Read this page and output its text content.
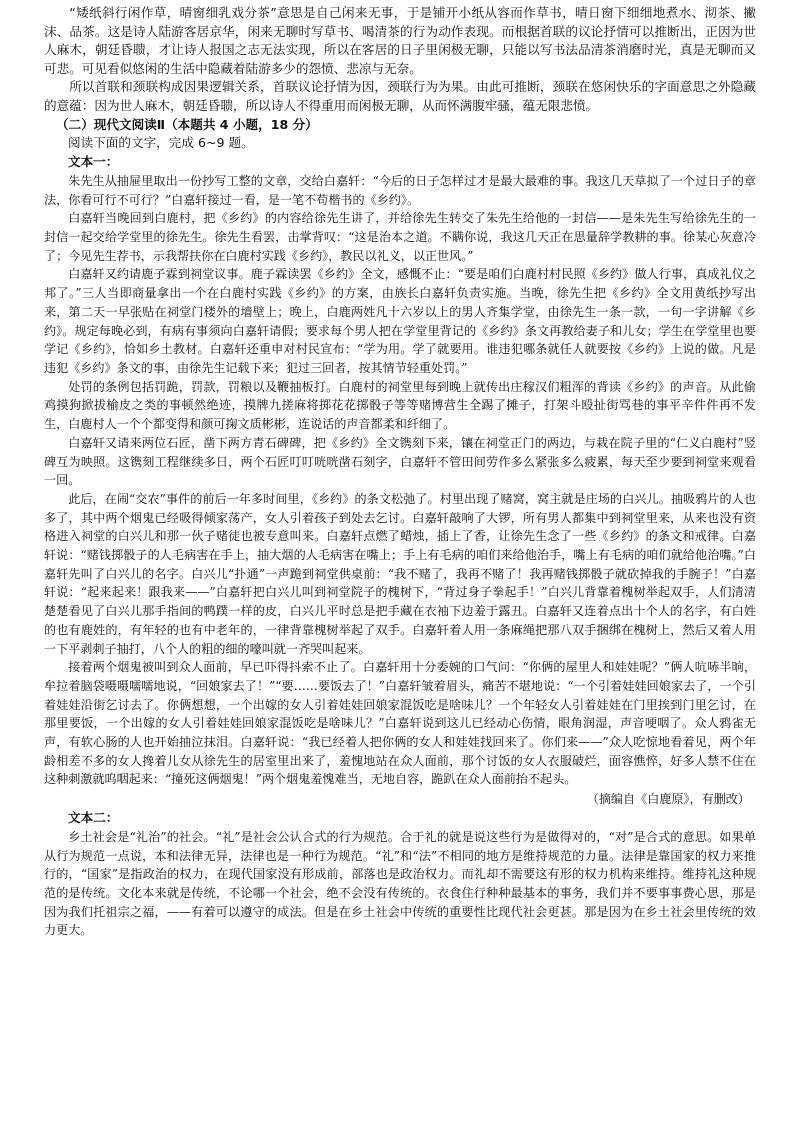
“矮纸斜行闲作草，晴窗细乳戏分茶”意思是自己闲来无事，于是铺开小纸从容而作草书，晴日窗下细细地煮水、沏茶、撇沫、品茶。这是诗人陆游客居京华，闲来无聊时写草书、喝清茶的行为动作表现。而根据首联的议论抒情可以推断出，正因为世人麻木，朝廷昏聩，才让诗人报国之志无法实现，所以在客居的日子里闲极无聊，只能以写书法品清茶消磨时光，真是无聊而又可悲。可见看似悠闲的生活中隐藏着陆游多少的怨愤、悲凉与无奈。

所以首联和颈联构成因果逻辑关系，首联议论抒情为因，颈联行为为果。由此可推断，颈联在悠闲快乐的字面意思之外隐藏的意蕴：因为世人麻木，朝廷昏聩，所以诗人不得重用而闲极无聊，从而怀满腹牢骚，蕴无限悲愤。

（二）现代文阅读Ⅱ（本题共 4 小题，18 分）
阅读下面的文字，完成 6~9 题。
文本一：

朱先生从抽屉里取出一份抄写工整的文章，交给白嘉轩：“今后的日子怎样过才是最大最难的事。我这几天草拟了一个过日子的章法，你看可行不可行？”白嘉轩接过一看，是一笔不苟楷书的《乡约》。

白嘉轩当晚回到白鹿村，把《乡约》的内容给徐先生讲了，并给徐先生转交了朱先生给他的一封信——是朱先生写给徐先生的一封信一起交给学堂里的徐先生。徐先生看罢，击掌背叹：“这是治本之道。不瞒你说，我这几天正在思量辞学教耕的事。徐某心灰意冷了；今见先生荐书，示我帮扶你在白鹿村实践《乡约》，教民以礼义，以正世风。”

白嘉轩又约请鹿子霖到祠堂议事。鹿子霖读罢《乡约》全文，感慨不止：“要是咱们白鹿村村民照《乡约》做人行事，真成礼仪之邦了。”三人当即商量拿出一个在白鹿村实践《乡约》的方案，由族长白嘉轩负责实施。当晚，徐先生把《乡约》全文用黄纸抄写出来，第二天一早张贴在祠堂门楼外的墙壁上；晚上，白鹿两姓凡十六岁以上的男人齐集学堂，由徐先生一条一款，一句一字讲解《乡约》。规定每晚必到，有病有事须向白嘉轩请假；要求每个男人把在学堂里背记的《乡约》条文再教给妻子和儿女；学生在学堂里也要学记《乡约》，恰如乡土教材。白嘉轩还重申对村民宣布：“学为用。学了就要用。谁违犯哪条就任人就要按《乡约》上说的做。凡是违犯《乡约》条文的事，由徐先生记载下来；犯过三回者，按其情节轻重处罚。”

处罚的条例包括罚跪，罚款，罚粮以及鞭抽板打。白鹿村的祠堂里每到晚上就传出庄稼汉们粗浑的背读《乡约》的声音。从此偷鸡摸狗掀拔榆皮之类的事顿然绝迹，摸牌九搓麻将掷花花掷骰子等等赌博营生全踢了摊子，打架斗殴扯街骂巷的事平辛件件再不发生，白鹿村人一个个都变得和颜可掬文质彬彬，连说话的声音都柔和纤细了。

白嘉轩又请来两位石匠，凿下两方青石碑碑，把《乡约》全文镌刻下来，镶在祠堂正门的两边，与栽在院子里的“仁义白鹿村”竖碑互为映照。这镌刻工程继续多日，两个石匠叮叮咣咣凿石刻字，白嘉轩不管田间劳作多么紧张多么疲累，每天至少要到祠堂来观看一回。

此后，在闹“交农”事件的前后一年多时间里，《乡约》的条文松弛了。村里出现了赌窝，窝主就是庄场的白兴儿。抽吸鸦片的人也多了，其中两个烟鬼已经吸得倾家荡产，女人引着孩子到处去乞讨。白嘉轩敲响了大锣，所有男人都集中到祠堂里来，从来也没有资格进入祠堂的白兴儿和那一伙子赌徒也被专意叫来。白嘉轩点燃了蜡烛，插上了香，让徐先生念了一些《乡约》的条文和戒律。白嘉轩说：“赌钱掷骰子的人毛病害在手上，抽大烟的人毛病害在嘴上；手上有毛病的咱们来给他治手，嘴上有毛病的咱们就给他治嘴。”白嘉轩先叫了白兴儿的名字。白兴儿“扑通”一声跪到祠堂供桌前：“我不赌了，我再不赌了！我再赌钱掷骰子就砍掉我的手腕子！”白嘉轩说：“起来起来！跟我来——”白嘉轩把白兴儿叫到祠堂院子的槐树下，“背过身子拳起手！”白兴儿背靠着槐树举起双手，人们清清楚楚看见了白兴儿那手指间的鸭蹼一样的皮，白兴儿平时总是把手藏在衣袖下边羞于露丑。白嘉轩又连着点出十个人的名字，有白姓的也有鹿姓的，有年轻的也有中老年的，一律背靠槐树举起了双手。白嘉轩着人用一条麻绳把那八双手捆绑在槐树上，然后又着人用一下平剥刺子抽打，八个人的粗的细的嚎叫就一齐哭叫起来。

接着两个烟鬼被叫到众人面前，早已吓得抖索不止了。白嘉轩用十分委婉的口气问：“你俩的屋里人和娃娃呢？”俩人吭哧半晌，牟拉着脑袋嗫嗫嚅嚅地说，“回娘家去了！”“要……要饭去了！”白嘉轩皱着眉头，痛苦不堪地说：“一个引着娃娃回娘家去了，一个引着娃娃沿街乞讨去了。你俩想想，一个出嫁的女人引着娃娃回娘家混饭吃是啥味儿？一个年轻女人引着娃娃在门里挨到门里乞讨，在那里要饭，一个出嫁的女人引着娃娃回娘家混饭吃是啥味儿？”白嘉轩说到这儿已经动心伤情，眼角润湿，声音哽咽了。众人鸦雀无声，有软心肠的人也开始抽泣抹泪。白嘉轩说：“我已经着人把你俩的女人和娃娃找回来了。你们来——”众人吃惊地看着见，两个年龄相差不多的女人搀着儿女从徐先生的居室里出来了，羞愧地站在众人面前，那个讨饭的女人衣服破烂，面容憔悴，好多人禁不住在这种刺激就呜咽起来：“撞死这俩烟鬼！”两个烟鬼羞愧难当，无地自容，跪趴在众人面前抬不起头。

（摘编自《白鹿原》，有删改）
文本二：

乡土社会是“礼治”的社会。“礼”是社会公认合式的行为规范。合于礼的就是说这些行为是做得对的，“对”是合式的意思。如果单从行为规范一点说，本和法律无异，法律也是一种行为规范。“礼”和“法”不相同的地方是维持规范的力量。法律是靠国家的权力来推行的，“国家”是指政治的权力，在现代国家没有形成前，部落也是政治权力。而礼却不需要这有形的权力机构来维持。维持礼这种规范的是传统。文化本来就是传统，不论哪一个社会，绝不会没有传统的。衣食住行种种最基本的事务，我们并不要事事费心思，那是因为我们托祖宗之福，——有着可以遵守的成法。但是在乡土社会中传统的重要性比现代社会更甚。那是因为在乡土社会里传统的效力更大。
